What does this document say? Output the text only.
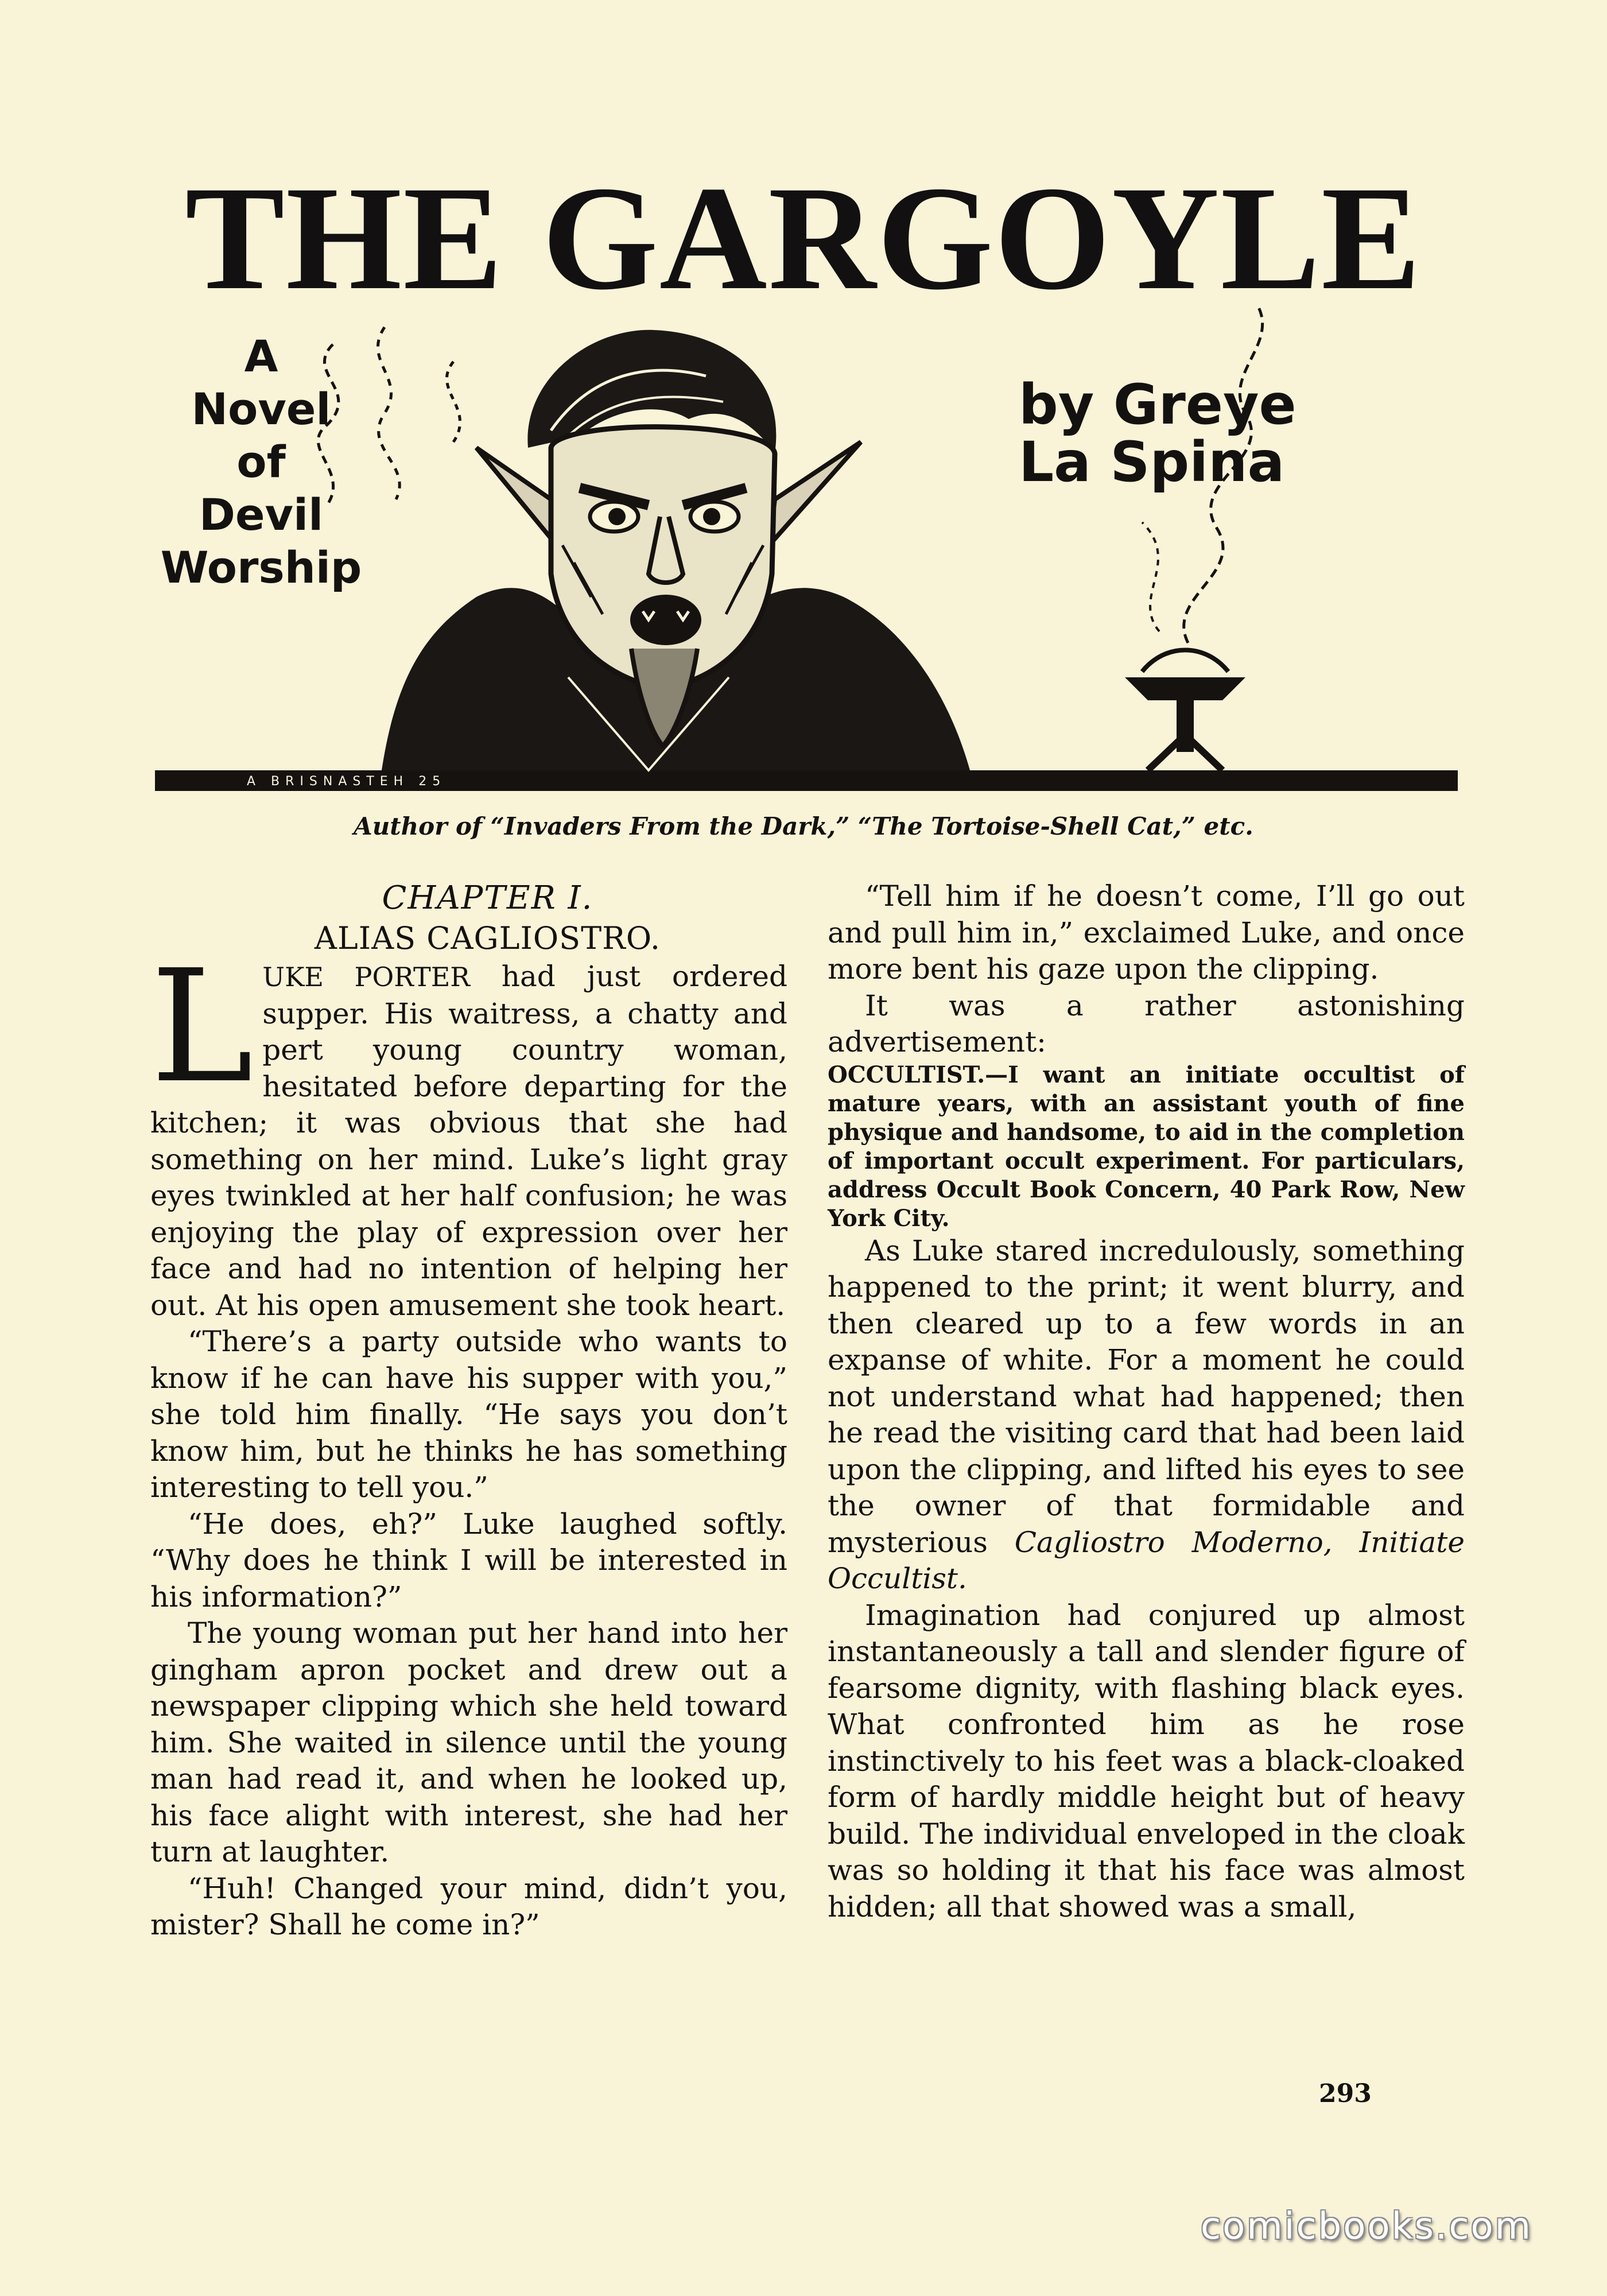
THE GARGOYLE
A BRISNASTEH 25
A
Novel
of
Devil
Worship
by Greye
La Spina
Author of “Invaders From the Dark,” “The Tortoise-Shell Cat,” etc.

CHAPTER I.

ALIAS CAGLIOSTRO.

LUKE PORTER had just ordered supper. His waitress, a chatty and pert young country woman, hesitated before departing for the kitchen; it was obvious that she had something on her mind. Luke’s light gray eyes twinkled at her half confusion; he was enjoying the play of expression over her face and had no intention of helping her out. At his open amusement she took heart.

“There’s a party outside who wants to know if he can have his supper with you,” she told him finally. “He says you don’t know him, but he thinks he has something interesting to tell you.”

“He does, eh?” Luke laughed softly. “Why does he think I will be interested in his information?”

The young woman put her hand into her gingham apron pocket and drew out a newspaper clipping which she held toward him. She waited in silence until the young man had read it, and when he looked up, his face alight with interest, she had her turn at laughter.

“Huh! Changed your mind, didn’t you, mister? Shall he come in?”

“Tell him if he doesn’t come, I’ll go out and pull him in,” exclaimed Luke, and once more bent his gaze upon the clipping.

It was a rather astonishing advertisement:

OCCULTIST.—I want an initiate occultist of mature years, with an assistant youth of fine physique and handsome, to aid in the completion of important occult experiment. For particulars, address Occult Book Concern, 40 Park Row, New York City.

As Luke stared incredulously, something happened to the print; it went blurry, and then cleared up to a few words in an expanse of white. For a moment he could not understand what had happened; then he read the visiting card that had been laid upon the clipping, and lifted his eyes to see the owner of that formidable and mysterious Cagliostro Moderno, Initiate Occultist.

Imagination had conjured up almost instantaneously a tall and slender figure of fearsome dignity, with flashing black eyes. What confronted him as he rose instinctively to his feet was a black-cloaked form of hardly middle height but of heavy build. The individual enveloped in the cloak was so holding it that his face was almost hidden; all that showed was a small,

293
comicbooks.com
